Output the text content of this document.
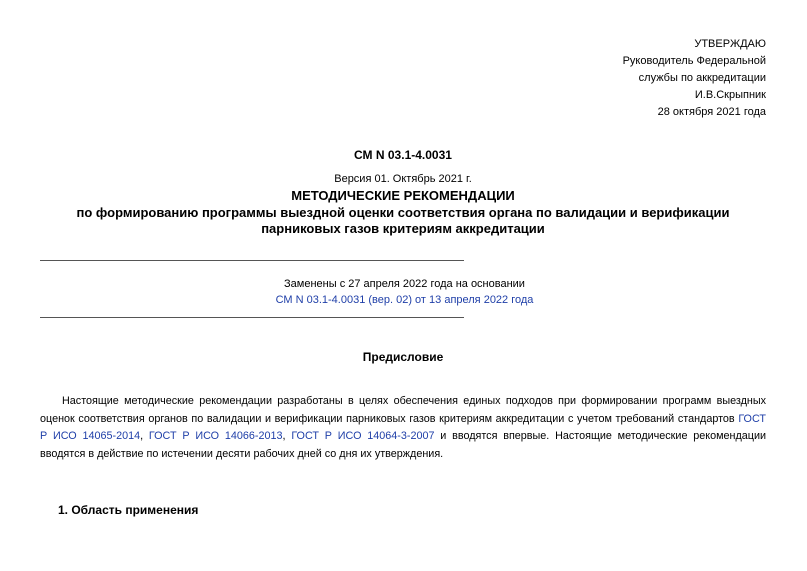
УТВЕРЖДАЮ
Руководитель Федеральной
службы по аккредитации
И.В.Скрыпник
28 октября 2021 года
СМ N 03.1-4.0031
Версия 01. Октябрь 2021 г.
МЕТОДИЧЕСКИЕ РЕКОМЕНДАЦИИ
по формированию программы выездной оценки соответствия органа по валидации и верификации
парниковых газов критериям аккредитации
Заменены с 27 апреля 2022 года на основании
СМ N 03.1-4.0031 (вер. 02) от 13 апреля 2022 года
Предисловие
Настоящие методические рекомендации разработаны в целях обеспечения единых подходов при формировании программ выездных оценок соответствия органов по валидации и верификации парниковых газов критериям аккредитации с учетом требований стандартов ГОСТ Р ИСО 14065-2014, ГОСТ Р ИСО 14066-2013, ГОСТ Р ИСО 14064-3-2007 и вводятся впервые. Настоящие методические рекомендации вводятся в действие по истечении десяти рабочих дней со дня их утверждения.
1. Область применения
